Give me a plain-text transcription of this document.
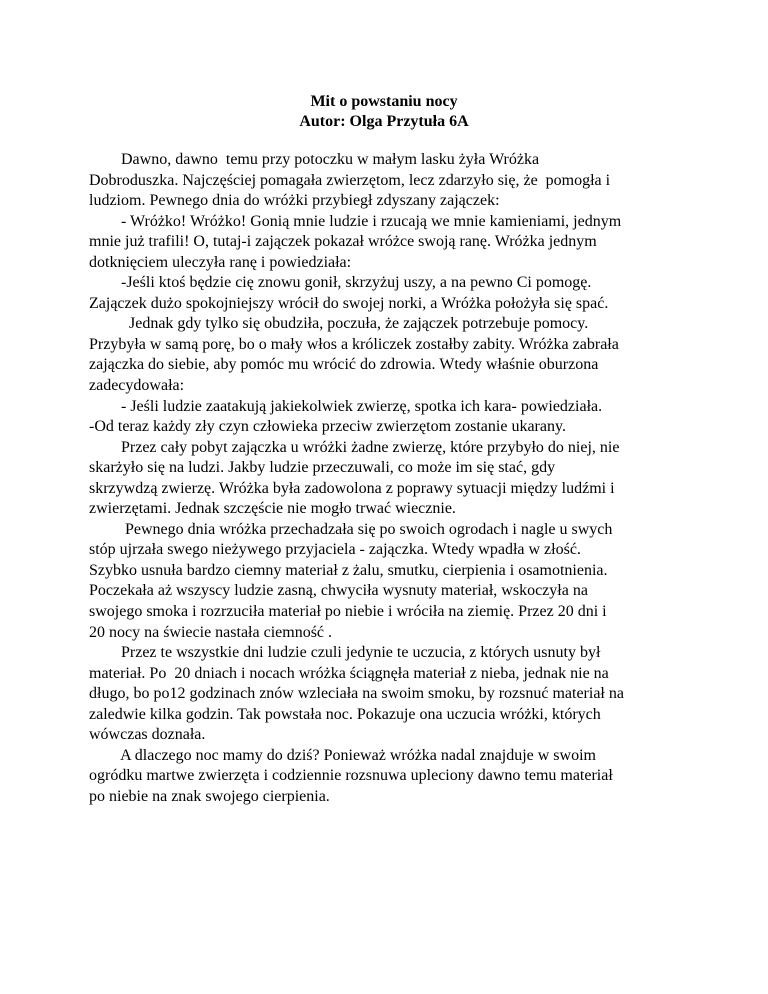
Mit o powstaniu nocy
Autor: Olga Przytuła 6A
Dawno, dawno  temu przy potoczku w małym lasku żyła Wróżka
Dobroduszka. Najczęściej pomagała zwierzętom, lecz zdarzyło się, że  pomogła i
ludziom. Pewnego dnia do wróżki przybiegł zdyszany zajączek:
- Wróżko! Wróżko! Gonią mnie ludzie i rzucają we mnie kamieniami, jednym
mnie już trafili! O, tutaj-i zajączek pokazał wróżce swoją ranę. Wróżka jednym
dotknięciem uleczyła ranę i powiedziała:
-Jeśli ktoś będzie cię znowu gonił, skrzyżuj uszy, a na pewno Ci pomogę.
Zajączek dużo spokojniejszy wrócił do swojej norki, a Wróżka położyła się spać.
Jednak gdy tylko się obudziła, poczuła, że zajączek potrzebuje pomocy.
Przybyła w samą porę, bo o mały włos a króliczek zostałby zabity. Wróżka zabrała
zajączka do siebie, aby pomóc mu wrócić do zdrowia. Wtedy właśnie oburzona
zadecydowała:
- Jeśli ludzie zaatakują jakiekolwiek zwierzę, spotka ich kara- powiedziała.
-Od teraz każdy zły czyn człowieka przeciw zwierzętom zostanie ukarany.
Przez cały pobyt zajączka u wróżki żadne zwierzę, które przybyło do niej, nie
skarżyło się na ludzi. Jakby ludzie przeczuwali, co może im się stać, gdy
skrzywdzą zwierzę. Wróżka była zadowolona z poprawy sytuacji między ludźmi i
zwierzętami. Jednak szczęście nie mogło trwać wiecznie.
Pewnego dnia wróżka przechadzała się po swoich ogrodach i nagle u swych
stóp ujrzała swego nieżywego przyjaciela - zajączka. Wtedy wpadła w złość.
Szybko usnuła bardzo ciemny materiał z żalu, smutku, cierpienia i osamotnienia.
Poczekała aż wszyscy ludzie zasną, chwyciła wysnuty materiał, wskoczyła na
swojego smoka i rozrzuciła materiał po niebie i wróciła na ziemię. Przez 20 dni i
20 nocy na świecie nastała ciemność .
Przez te wszystkie dni ludzie czuli jedynie te uczucia, z których usnuty był
materiał. Po  20 dniach i nocach wróżka ściągnęła materiał z nieba, jednak nie na
długo, bo po12 godzinach znów wzleciała na swoim smoku, by rozsnuć materiał na
zaledwie kilka godzin. Tak powstała noc. Pokazuje ona uczucia wróżki, których
wówczas doznała.
A dlaczego noc mamy do dziś? Ponieważ wróżka nadal znajduje w swoim
ogródku martwe zwierzęta i codziennie rozsnuwa upleciony dawno temu materiał
po niebie na znak swojego cierpienia.
